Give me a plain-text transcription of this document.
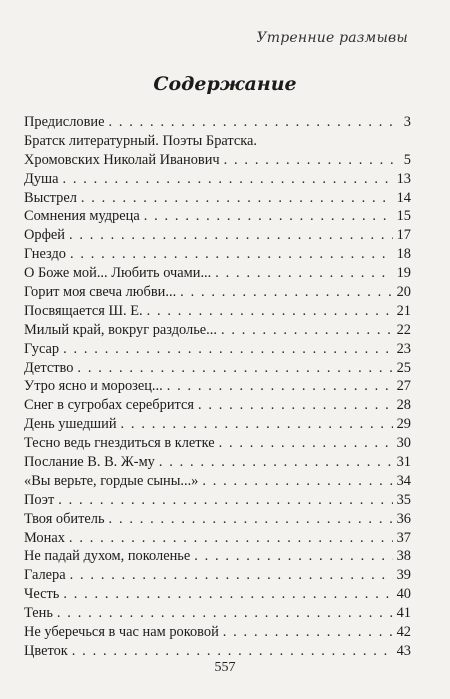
Утренние размывы
Содержание
Предисловие . . .	3
Братск литературный. Поэты Братска.
Хромовских Николай Иванович . . .	5
Душа . . .	13
Выстрел . . .	14
Сомнения мудреца . . .	15
Орфей . . .	17
Гнездо . . .	18
О Боже мой... Любить очами... . . .	19
Горит моя свеча любви... . . .	20
Посвящается Ш. Е. . . .	21
Милый край, вокруг раздолье... . . .	22
Гусар . . .	23
Детство . . .	25
Утро ясно и морозец... . . .	27
Снег в сугробах серебрится . . .	28
День ушедший . . .	29
Тесно ведь гнездиться в клетке . . .	30
Послание В. В. Ж-му . . .	31
«Вы верьте, гордые сыны...» . . .	34
Поэт . . .	35
Твоя обитель . . .	36
Монах . . .	37
Не падай духом, поколенье . . .	38
Галера . . .	39
Честь . . .	40
Тень . . .	41
Не уберечься в час нам роковой . . .	42
Цветок . . .	43
557
